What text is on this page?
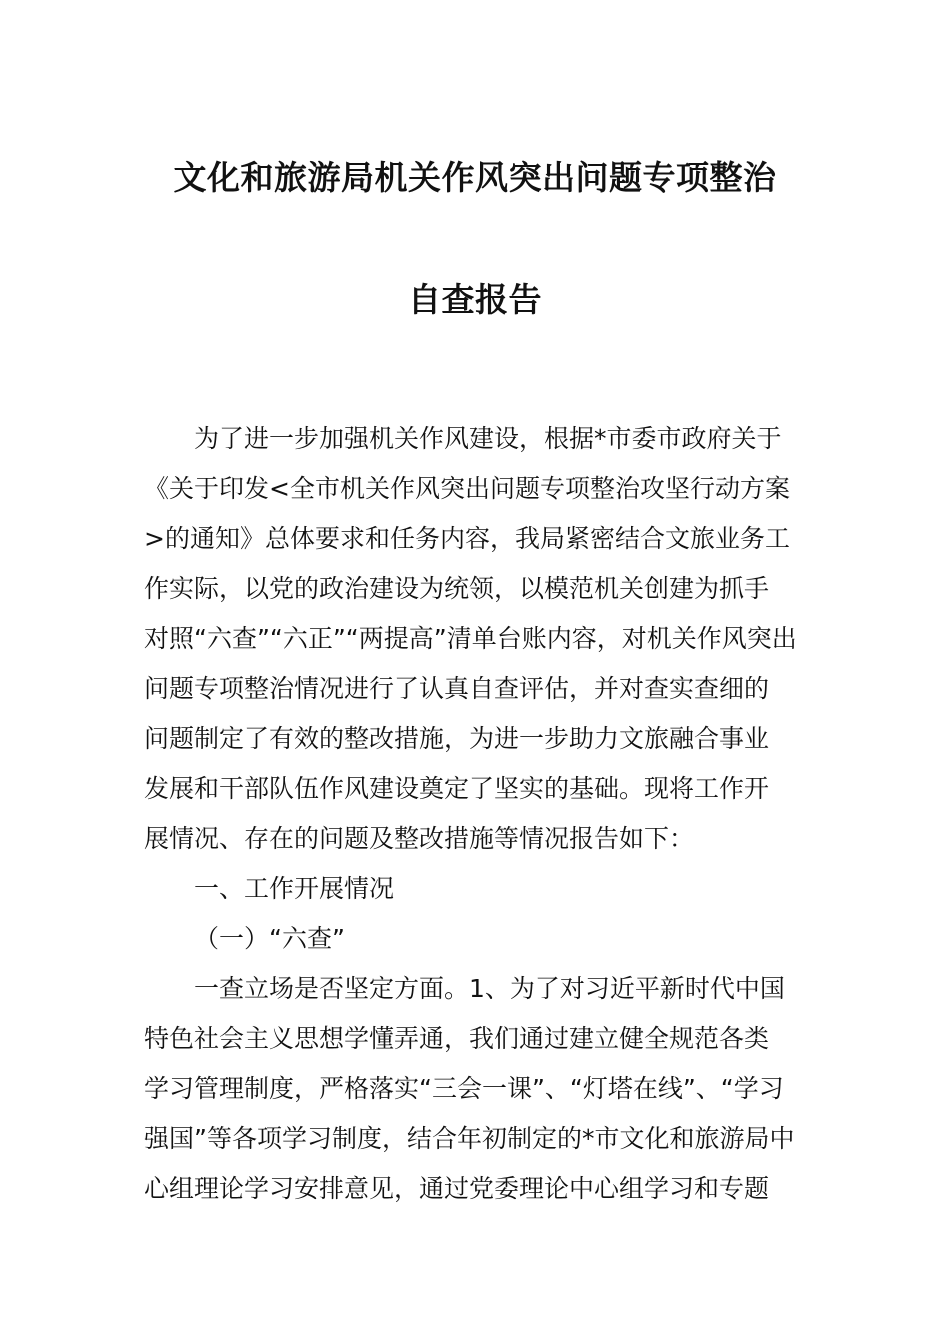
文化和旅游局机关作风突出问题专项整治
自查报告
为了进一步加强机关作风建设，根据*市委市政府关于
《关于印发<全市机关作风突出问题专项整治攻坚行动方案
>的通知》总体要求和任务内容，我局紧密结合文旅业务工
作实际，以党的政治建设为统领，以模范机关创建为抓手
对照“六查”“六正”“两提高”清单台账内容，对机关作风突出
问题专项整治情况进行了认真自查评估，并对查实查细的
问题制定了有效的整改措施，为进一步助力文旅融合事业
发展和干部队伍作风建设奠定了坚实的基础。现将工作开
展情况、存在的问题及整改措施等情况报告如下：
一、工作开展情况
（一）“六查”
一查立场是否坚定方面。1、为了对习近平新时代中国
特色社会主义思想学懂弄通，我们通过建立健全规范各类
学习管理制度，严格落实“三会一课”、“灯塔在线”、“学习
强国”等各项学习制度，结合年初制定的*市文化和旅游局中
心组理论学习安排意见，通过党委理论中心组学习和专题
